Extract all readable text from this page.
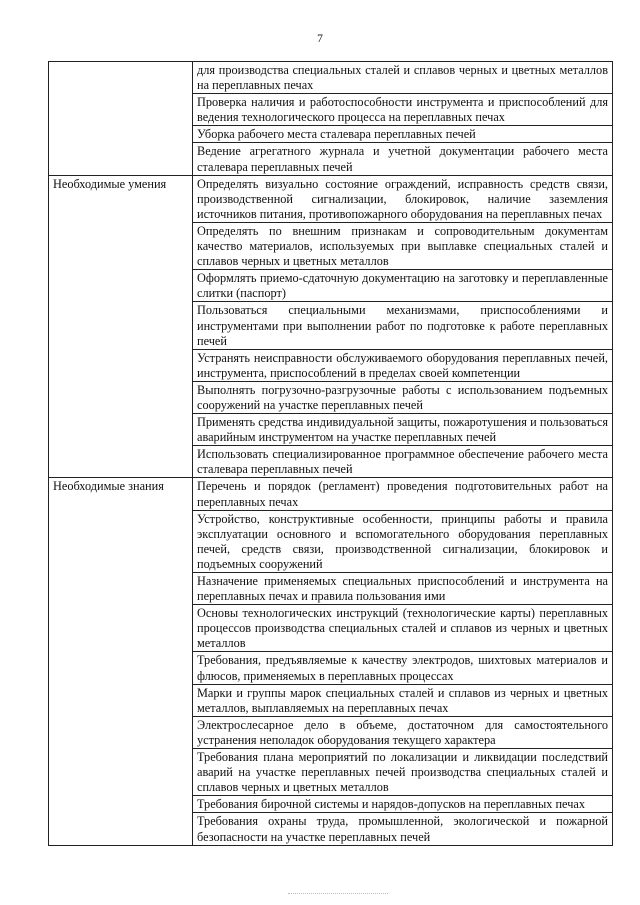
7
	для производства специальных сталей и сплавов черных и цветных металлов на переплавных печах
	Проверка наличия и работоспособности инструмента и приспособлений для ведения технологического процесса на переплавных печах
	Уборка рабочего места сталевара переплавных печей
	Ведение агрегатного журнала и учетной документации рабочего места сталевара переплавных печей
Необходимые умения	Определять визуально состояние ограждений, исправность средств связи, производственной сигнализации, блокировок, наличие заземления источников питания, противопожарного оборудования на переплавных печах
	Определять по внешним признакам и сопроводительным документам качество материалов, используемых при выплавке специальных сталей и сплавов черных и цветных металлов
	Оформлять приемо-сдаточную документацию на заготовку и переплавленные слитки (паспорт)
	Пользоваться специальными механизмами, приспособлениями и инструментами при выполнении работ по подготовке к работе переплавных печей
	Устранять неисправности обслуживаемого оборудования переплавных печей, инструмента, приспособлений в пределах своей компетенции
	Выполнять погрузочно-разгрузочные работы с использованием подъемных сооружений на участке переплавных печей
	Применять средства индивидуальной защиты, пожаротушения и пользоваться аварийным инструментом на участке переплавных печей
	Использовать специализированное программное обеспечение рабочего места сталевара переплавных печей
Необходимые знания	Перечень и порядок (регламент) проведения подготовительных работ на переплавных печах
	Устройство, конструктивные особенности, принципы работы и правила эксплуатации основного и вспомогательного оборудования переплавных печей, средств связи, производственной сигнализации, блокировок и подъемных сооружений
	Назначение применяемых специальных приспособлений и инструмента на переплавных печах и правила пользования ими
	Основы технологических инструкций (технологические карты) переплавных процессов производства специальных сталей и сплавов из черных и цветных металлов
	Требования, предъявляемые к качеству электродов, шихтовых материалов и флюсов, применяемых в переплавных процессах
	Марки и группы марок специальных сталей и сплавов из черных и цветных металлов, выплавляемых на переплавных печах
	Электрослесарное дело в объеме, достаточном для самостоятельного устранения неполадок оборудования текущего характера
	Требования плана мероприятий по локализации и ликвидации последствий аварий на участке переплавных печей производства специальных сталей и сплавов черных и цветных металлов
	Требования бирочной системы и нарядов-допусков на переплавных печах
	Требования охраны труда, промышленной, экологической и пожарной безопасности на участке переплавных печей
